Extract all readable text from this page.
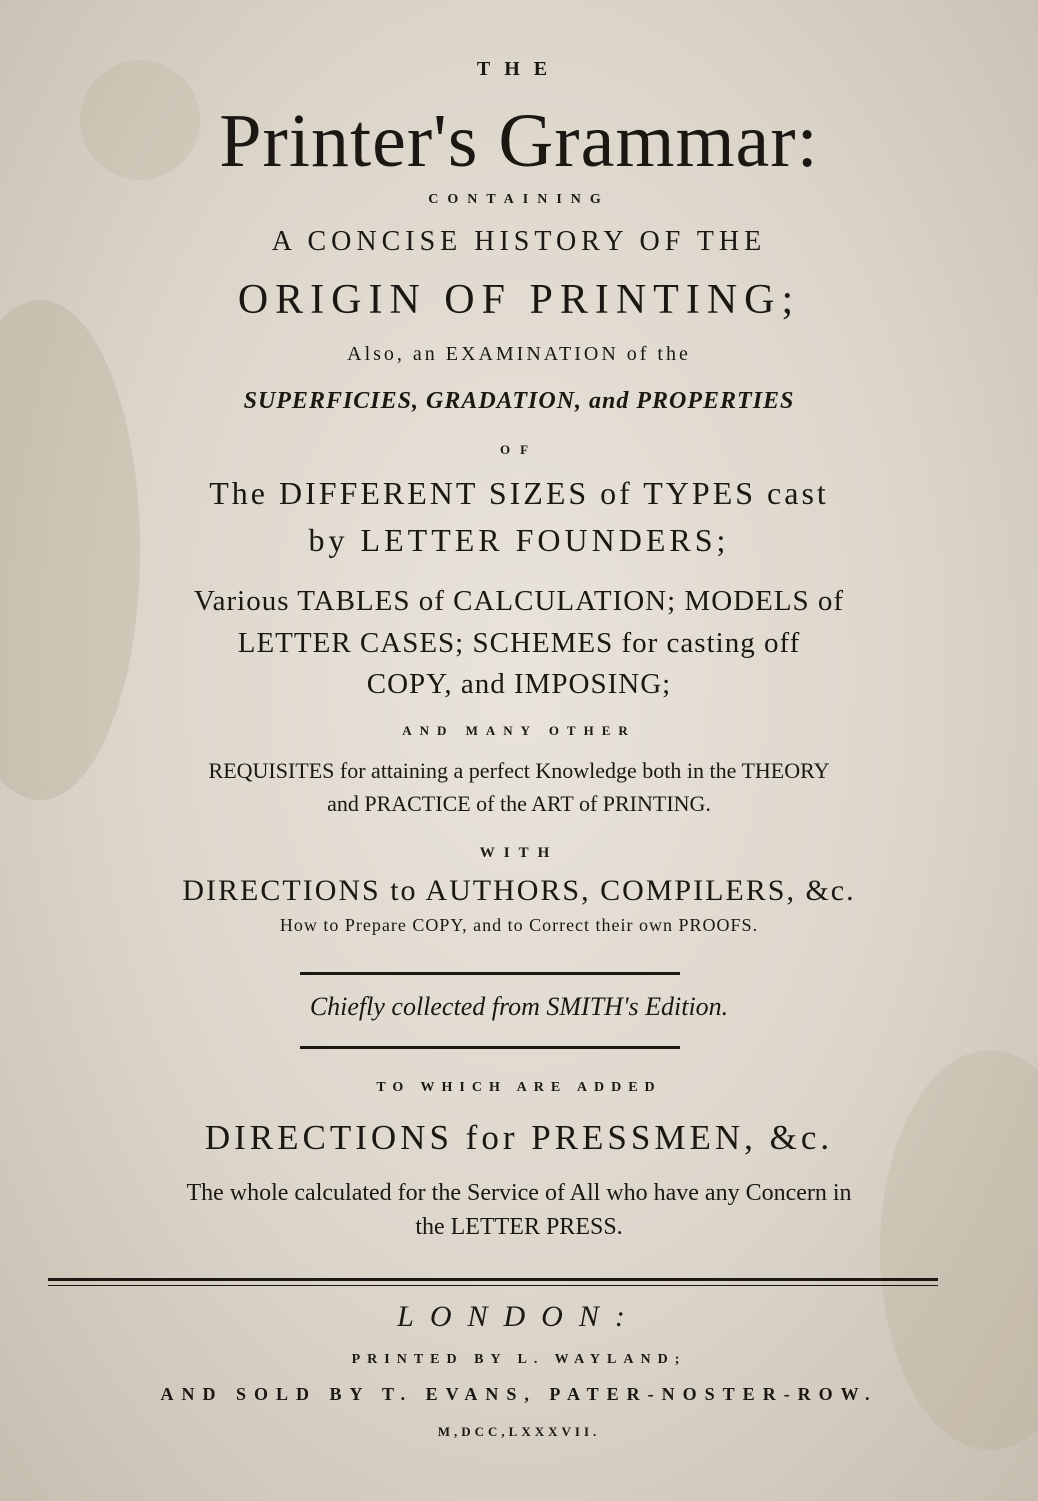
THE
Printer's Grammar:
CONTAINING
A CONCISE HISTORY OF THE
ORIGIN OF PRINTING;
Also, an EXAMINATION of the
SUPERFICIES, GRADATION, and PROPERTIES
OF
The DIFFERENT SIZES of TYPES cast
by LETTER FOUNDERS;
Various TABLES of CALCULATION; MODELS of
LETTER CASES; SCHEMES for casting off
COPY, and IMPOSING;
AND MANY OTHER
REQUISITES for attaining a perfect Knowledge both in the THEORY
and PRACTICE of the ART of PRINTING.
WITH
DIRECTIONS to AUTHORS, COMPILERS, &c.
How to Prepare COPY, and to Correct their own PROOFS.
Chiefly collected from SMITH's Edition.
TO WHICH ARE ADDED
DIRECTIONS for PRESSMEN, &c.
The whole calculated for the Service of All who have any Concern in
the LETTER PRESS.
LONDON:
PRINTED BY L. WAYLAND;
AND SOLD BY T. EVANS, PATER-NOSTER-ROW.
M,DCC,LXXXVII.
